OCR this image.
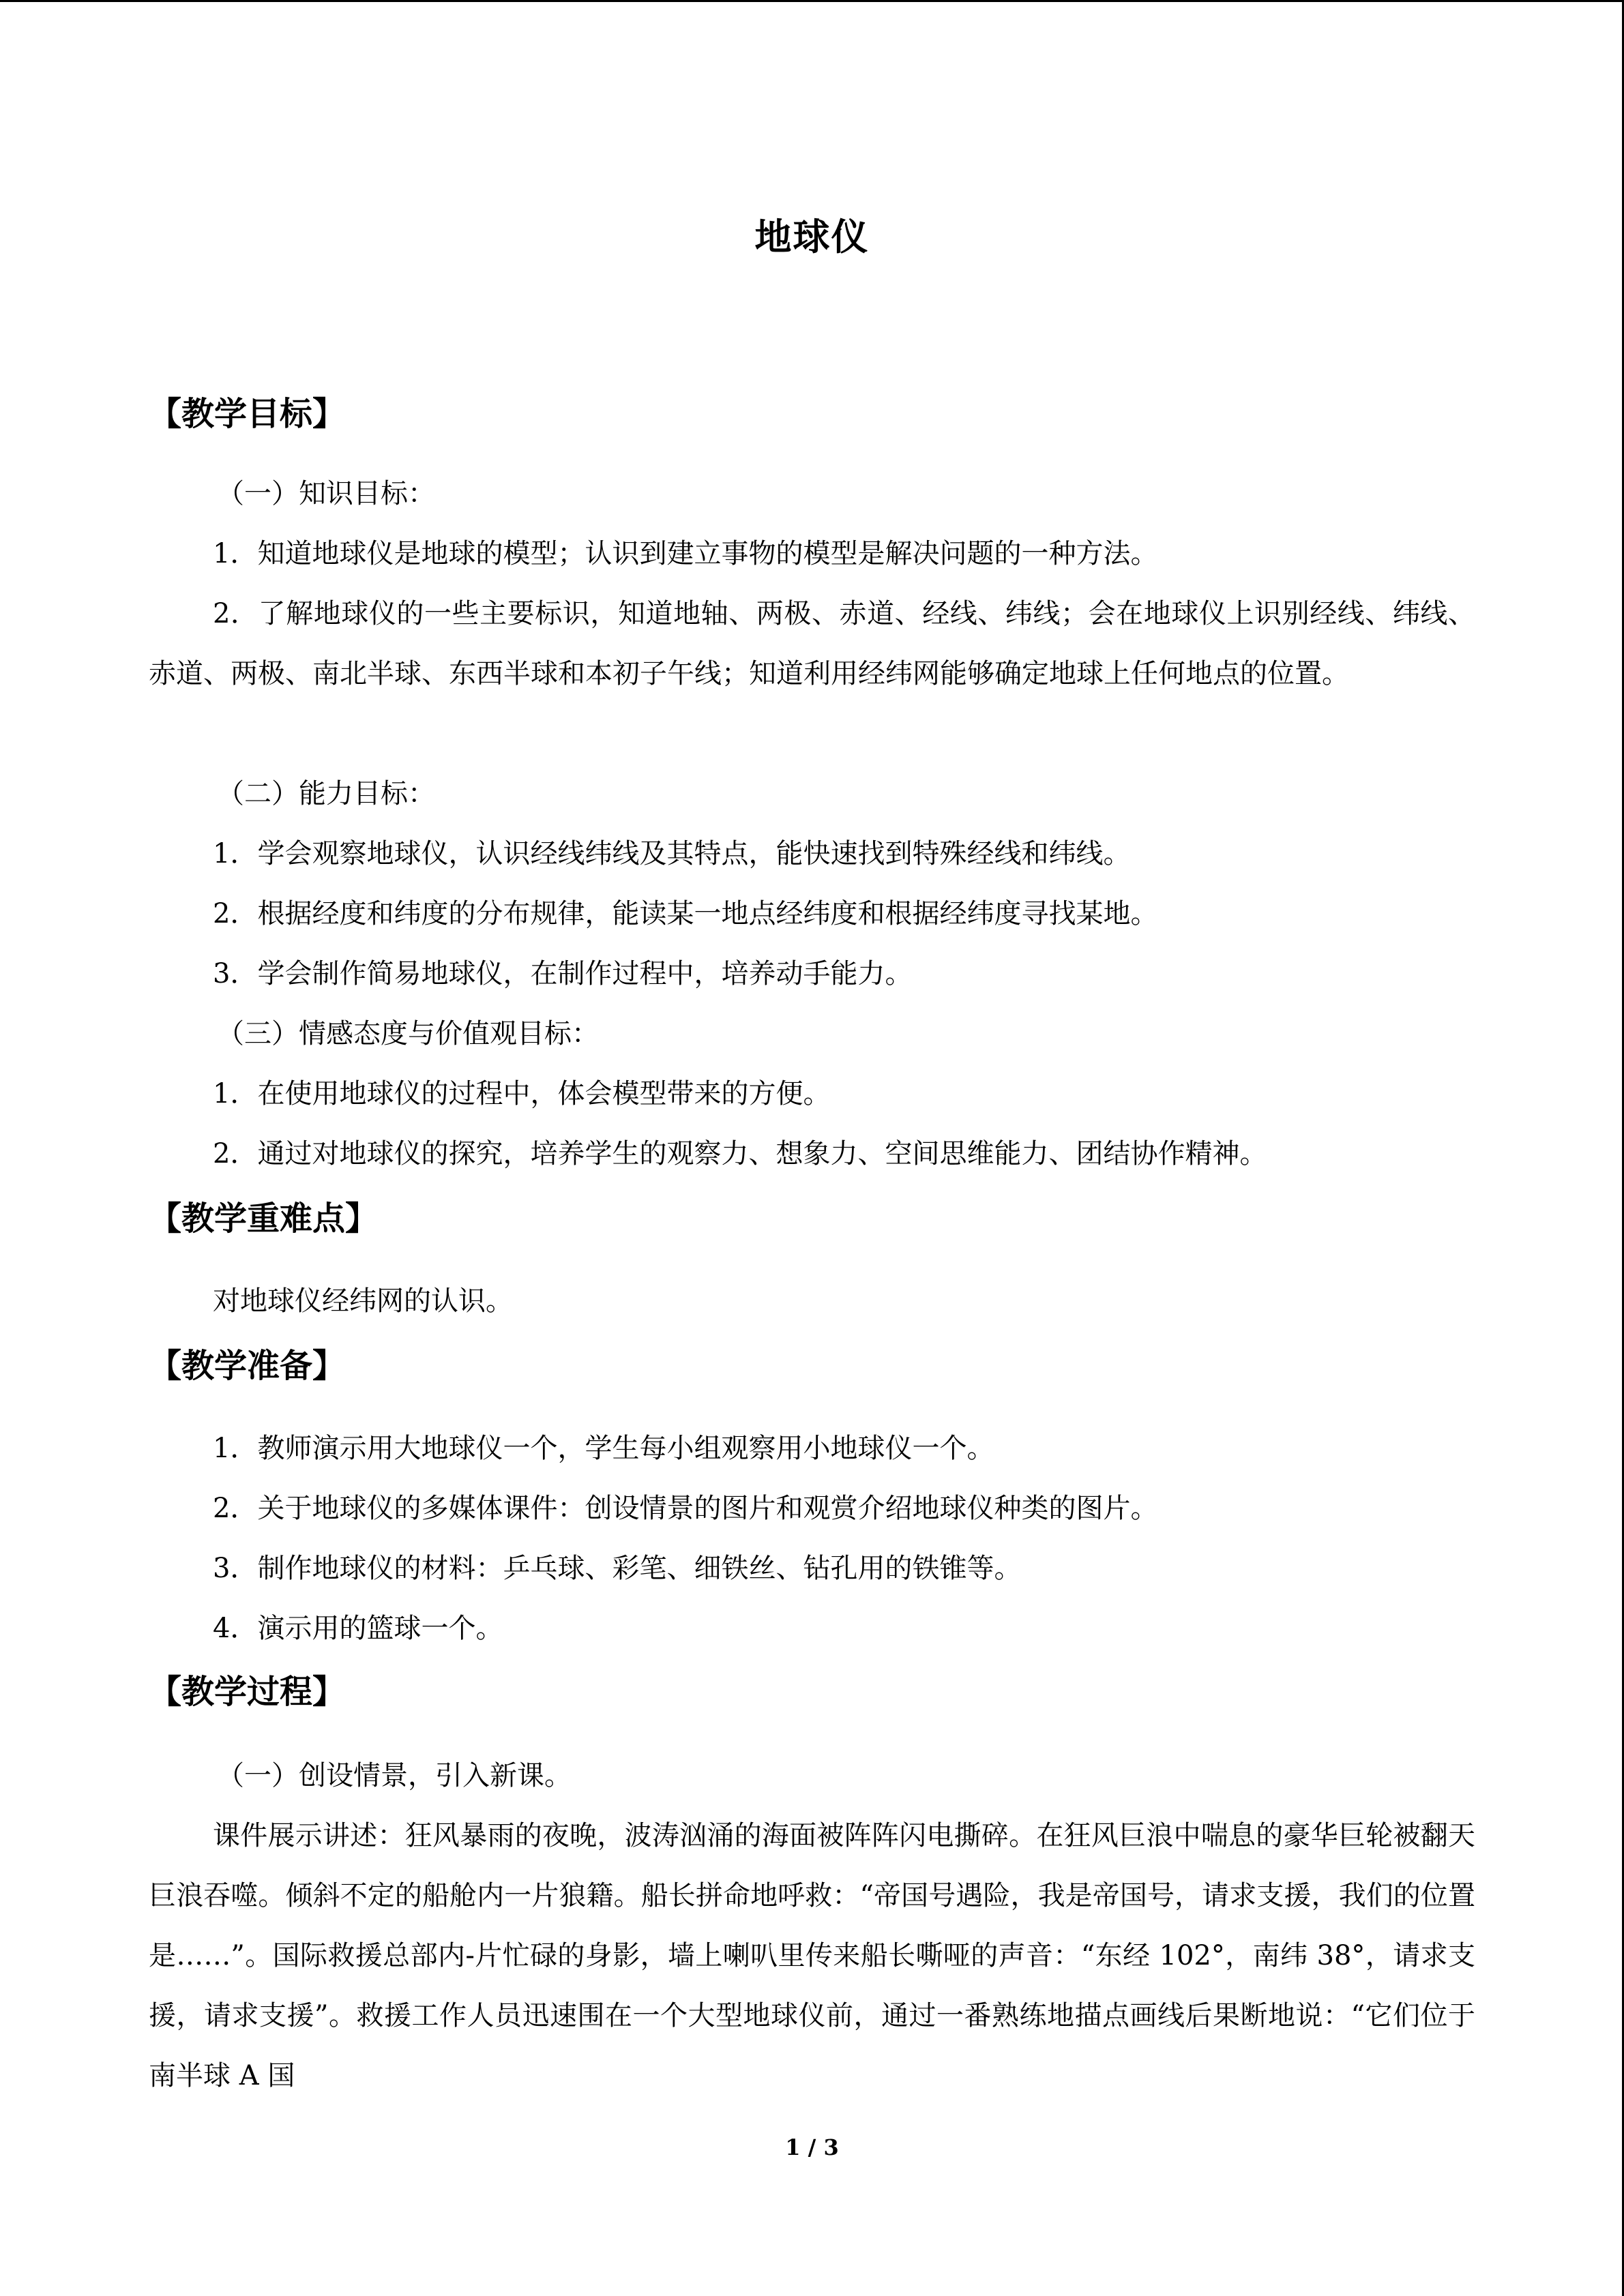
地球仪
【教学目标】
（一）知识目标：
1．知道地球仪是地球的模型；认识到建立事物的模型是解决问题的一种方法。
2．了解地球仪的一些主要标识，知道地轴、两极、赤道、经线、纬线；会在地球仪上识别经线、纬线、赤道、两极、南北半球、东西半球和本初子午线；知道利用经纬网能够确定地球上任何地点的位置。
（二）能力目标：
1．学会观察地球仪，认识经线纬线及其特点，能快速找到特殊经线和纬线。
2．根据经度和纬度的分布规律，能读某一地点经纬度和根据经纬度寻找某地。
3．学会制作简易地球仪，在制作过程中，培养动手能力。
（三）情感态度与价值观目标：
1．在使用地球仪的过程中，体会模型带来的方便。
2．通过对地球仪的探究，培养学生的观察力、想象力、空间思维能力、团结协作精神。
【教学重难点】
对地球仪经纬网的认识。
【教学准备】
1．教师演示用大地球仪一个，学生每小组观察用小地球仪一个。
2．关于地球仪的多媒体课件：创设情景的图片和观赏介绍地球仪种类的图片。
3．制作地球仪的材料：乒乓球、彩笔、细铁丝、钻孔用的铁锥等。
4．演示用的篮球一个。
【教学过程】
（一）创设情景，引入新课。
课件展示讲述：狂风暴雨的夜晚，波涛汹涌的海面被阵阵闪电撕碎。在狂风巨浪中喘息的豪华巨轮被翻天巨浪吞噬。倾斜不定的船舱内一片狼籍。船长拼命地呼救：“帝国号遇险，我是帝国号，请求支援，我们的位置是……”。国际救援总部内-片忙碌的身影，墙上喇叭里传来船长嘶哑的声音：“东经 102°，南纬 38°，请求支援，请求支援”。救援工作人员迅速围在一个大型地球仪前，通过一番熟练地描点画线后果断地说：“它们位于南半球 A 国
1 / 3
